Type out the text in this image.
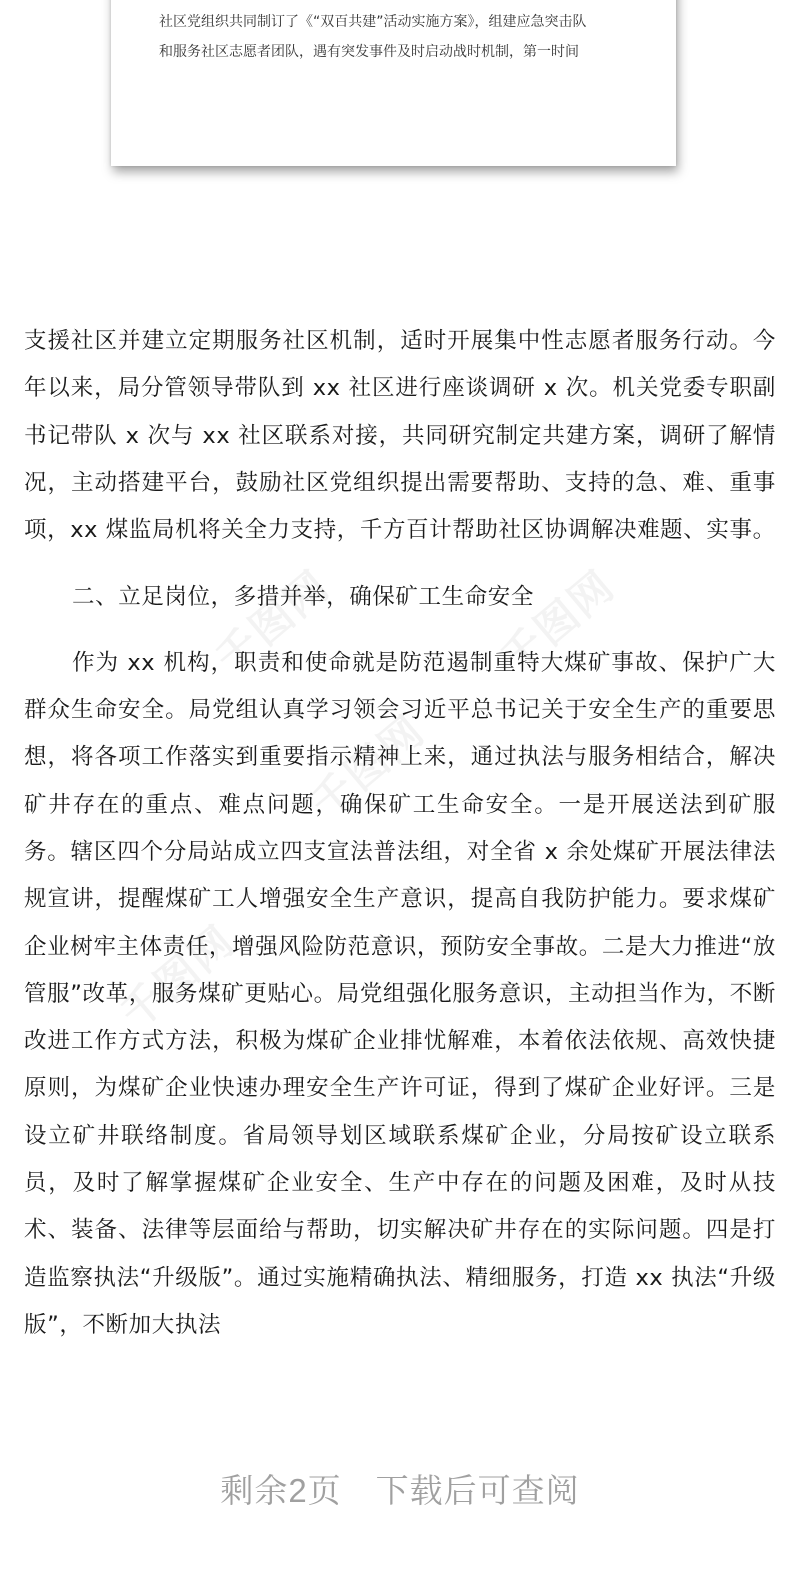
社区党组织共同制订了《“双百共建”活动实施方案》，组建应急突击队
和服务社区志愿者团队，遇有突发事件及时启动战时机制，第一时间
千图网	千图网
千图网
千图网

支援社区并建立定期服务社区机制，适时开展集中性志愿者服务行动。今年以来，局分管领导带队到 xx 社区进行座谈调研 x 次。机关党委专职副书记带队 x 次与 xx 社区联系对接，共同研究制定共建方案，调研了解情况，主动搭建平台，鼓励社区党组织提出需要帮助、支持的急、难、重事项，xx 煤监局机将关全力支持，千方百计帮助社区协调解决难题、实事。

二、立足岗位，多措并举，确保矿工生命安全

作为 xx 机构，职责和使命就是防范遏制重特大煤矿事故、保护广大群众生命安全。局党组认真学习领会习近平总书记关于安全生产的重要思想，将各项工作落实到重要指示精神上来，通过执法与服务相结合，解决矿井存在的重点、难点问题，确保矿工生命安全。一是开展送法到矿服务。辖区四个分局站成立四支宣法普法组，对全省 x 余处煤矿开展法律法规宣讲，提醒煤矿工人增强安全生产意识，提高自我防护能力。要求煤矿企业树牢主体责任，增强风险防范意识，预防安全事故。二是大力推进“放管服”改革，服务煤矿更贴心。局党组强化服务意识，主动担当作为，不断改进工作方式方法，积极为煤矿企业排忧解难，本着依法依规、高效快捷原则，为煤矿企业快速办理安全生产许可证，得到了煤矿企业好评。三是设立矿井联络制度。省局领导划区域联系煤矿企业，分局按矿设立联系员，及时了解掌握煤矿企业安全、生产中存在的问题及困难，及时从技术、装备、法律等层面给与帮助，切实解决矿井存在的实际问题。四是打造监察执法“升级版”。通过实施精确执法、精细服务，打造 xx 执法“升级版”，不断加大执法

剩余2页 下载后可查阅
